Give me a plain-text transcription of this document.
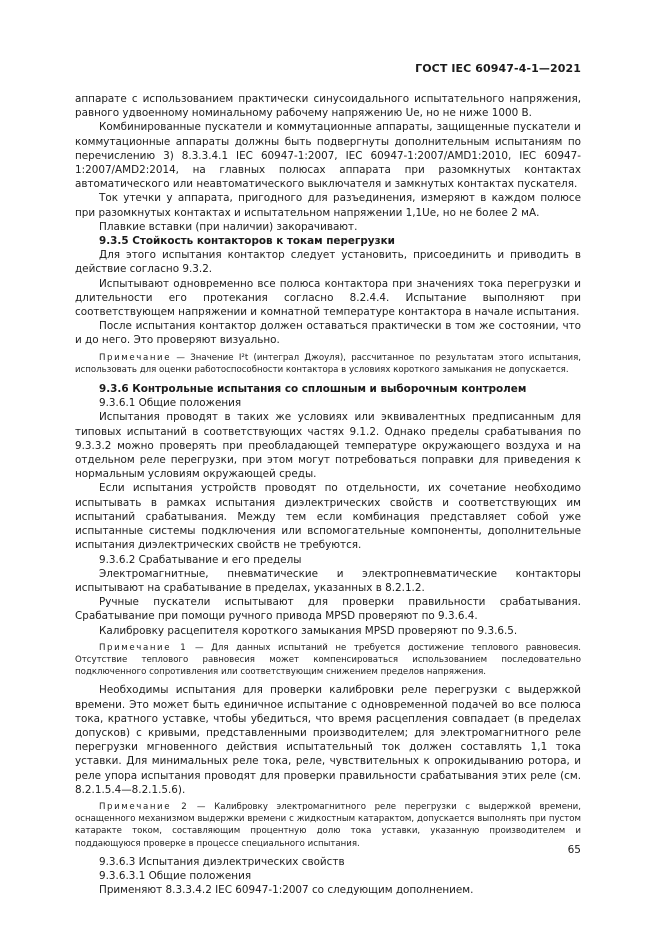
ГОСТ IEC 60947-4-1—2021

аппарате с использованием практически синусоидального испытательного напряжения, равного удвоенному номинальному рабочему напряжению Ue, но не ниже 1000 В.

Комбинированные пускатели и коммутационные аппараты, защищенные пускатели и коммутационные аппараты должны быть подвергнуты дополнительным испытаниям по перечислению 3) 8.3.3.4.1 IEC 60947-1:2007, IEC 60947-1:2007/AMD1:2010, IEC 60947-1:2007/AMD2:2014, на главных полюсах аппарата при разомкнутых контактах автоматического или неавтоматического выключателя и замкнутых контактах пускателя.

Ток утечки у аппарата, пригодного для разъединения, измеряют в каждом полюсе при разомкнутых контактах и испытательном напряжении 1,1Ue, но не более 2 мА.

Плавкие вставки (при наличии) закорачивают.

9.3.5 Стойкость контакторов к токам перегрузки

Для этого испытания контактор следует установить, присоединить и приводить в действие согласно 9.3.2.

Испытывают одновременно все полюса контактора при значениях тока перегрузки и длительности его протекания согласно 8.2.4.4. Испытание выполняют при соответствующем напряжении и комнатной температуре контактора в начале испытания.

После испытания контактор должен оставаться практически в том же состоянии, что и до него. Это проверяют визуально.

Примечание — Значение I²t (интеграл Джоуля), рассчитанное по результатам этого испытания, использовать для оценки работоспособности контактора в условиях короткого замыкания не допускается.

9.3.6 Контрольные испытания со сплошным и выборочным контролем

9.3.6.1 Общие положения

Испытания проводят в таких же условиях или эквивалентных предписанным для типовых испытаний в соответствующих частях 9.1.2. Однако пределы срабатывания по 9.3.3.2 можно проверять при преобладающей температуре окружающего воздуха и на отдельном реле перегрузки, при этом могут потребоваться поправки для приведения к нормальным условиям окружающей среды.

Если испытания устройств проводят по отдельности, их сочетание необходимо испытывать в рамках испытания диэлектрических свойств и соответствующих им испытаний срабатывания. Между тем если комбинация представляет собой уже испытанные системы подключения или вспомогательные компоненты, дополнительные испытания диэлектрических свойств не требуются.

9.3.6.2 Срабатывание и его пределы

Электромагнитные, пневматические и электропневматические контакторы испытывают на срабатывание в пределах, указанных в 8.2.1.2.

Ручные пускатели испытывают для проверки правильности срабатывания. Срабатывание при помощи ручного привода MPSD проверяют по 9.3.6.4.

Калибровку расцепителя короткого замыкания MPSD проверяют по 9.3.6.5.

Примечание 1 — Для данных испытаний не требуется достижение теплового равновесия. Отсутствие теплового равновесия может компенсироваться использованием последовательно подключенного сопротивления или соответствующим снижением пределов напряжения.

Необходимы испытания для проверки калибровки реле перегрузки с выдержкой времени. Это может быть единичное испытание с одновременной подачей во все полюса тока, кратного уставке, чтобы убедиться, что время расцепления совпадает (в пределах допусков) с кривыми, представленными производителем; для электромагнитного реле перегрузки мгновенного действия испытательный ток должен составлять 1,1 тока уставки. Для минимальных реле тока, реле, чувствительных к опрокидыванию ротора, и реле упора испытания проводят для проверки правильности срабатывания этих реле (см. 8.2.1.5.4—8.2.1.5.6).

Примечание 2 — Калибровку электромагнитного реле перегрузки с выдержкой времени, оснащенного механизмом выдержки времени с жидкостным катарактом, допускается выполнять при пустом катаракте током, составляющим процентную долю тока уставки, указанную производителем и поддающуюся проверке в процессе специального испытания.

9.3.6.3 Испытания диэлектрических свойств

9.3.6.3.1 Общие положения

Применяют 8.3.3.4.2 IEC 60947-1:2007 со следующим дополнением.

65
